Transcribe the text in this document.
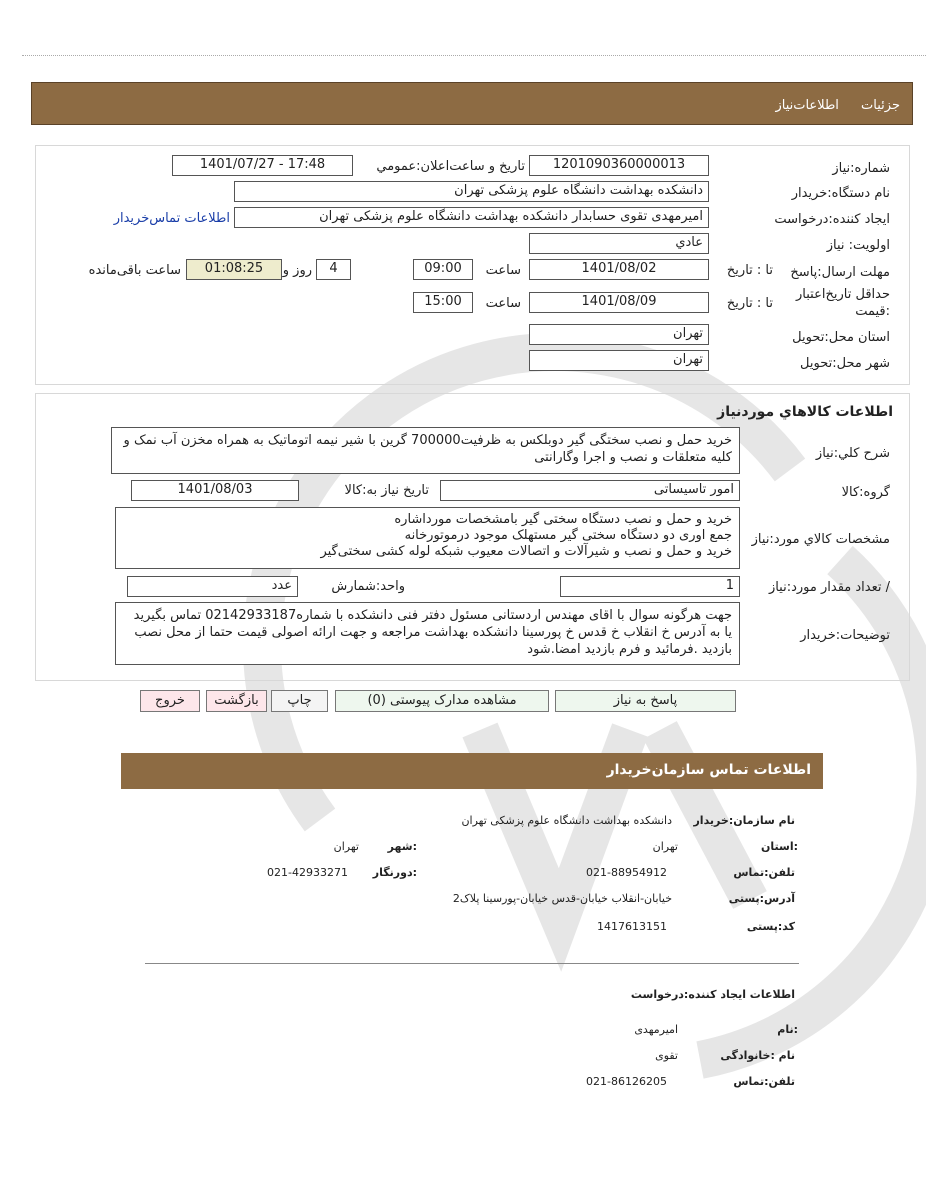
جزئیات اطلاعات‌نیاز
شماره:نیاز
1201090360000013
تاریخ و ساعت‌اعلان:عمومي
1401/07/27 - 17:48
نام دستگاه:خریدار
دانشکده بهداشت دانشگاه علوم پزشکی تهران
ایجاد کننده:درخواست
امیرمهدی تقوی حسابدار دانشکده بهداشت دانشگاه علوم پزشکی تهران
اطلاعات تماس‌خریدار
اولویت: نیاز
عادي
مهلت ارسال:پاسخ
تا : تاریخ
1401/08/02
ساعت
09:00
4
روز و
01:08:25
ساعت باقی‌مانده
حداقل تاریخ‌اعتبار
:قیمت
تا : تاریخ
1401/08/09
ساعت
15:00
استان محل:تحویل
تهران
شهر محل:تحویل
تهران
اطلاعات کالاهاي موردنیاز
شرح کلي:نیاز
خرید حمل و نصب سختگی گیر دوبلکس به ظرفیت700000 گرین با شیر نیمه اتوماتیک به همراه مخزن آب نمک و کلیه متعلقات و نصب و اجرا وگارانتی
گروه:کالا
امور تاسیساتی
تاریخ نیاز به:کالا
1401/08/03
مشخصات کالاي مورد:نیاز
خرید و حمل و نصب دستگاه سختی گیر بامشخصات مورداشاره
جمع اوری دو دستگاه سختی گیر مستهلک موجود درموتورخانه
خرید و حمل و نصب و شیرآلات و اتصالات معیوب شبکه لوله کشی سختی‌گیر
/ تعداد مقدار مورد:نیاز
1
واحد:شمارش
عدد
توضیحات:خریدار
جهت هرگونه سوال با اقای مهندس اردستانی مسئول دفتر فنی دانشکده با شماره02142933187 تماس بگیرید یا به آدرس خ انقلاب خ قدس خ پورسینا دانشکده بهداشت مراجعه و جهت ارائه اصولی قیمت حتما از محل نصب بازدید .فرمائید و فرم بازدید امضا.شود
پاسخ به نیاز
مشاهده مدارک پیوستی (0)
چاپ
بازگشت
خروج
اطلاعات تماس سازمان‌خریدار
نام سازمان:خریدار
دانشکده بهداشت دانشگاه علوم پزشکی تهران
:استان
تهران
:شهر
تهران
تلفن:تماس
021-88954912
:دورنگار
021-42933271
آدرس:پستی
خیابان-انقلاب خیابان-قدس خیابان-پورسینا پلاک2
کد:پستی
1417613151
اطلاعات ایجاد کننده:درخواست
:نام
امیرمهدی
نام :خانوادگی
تقوی
تلفن:تماس
021-86126205
